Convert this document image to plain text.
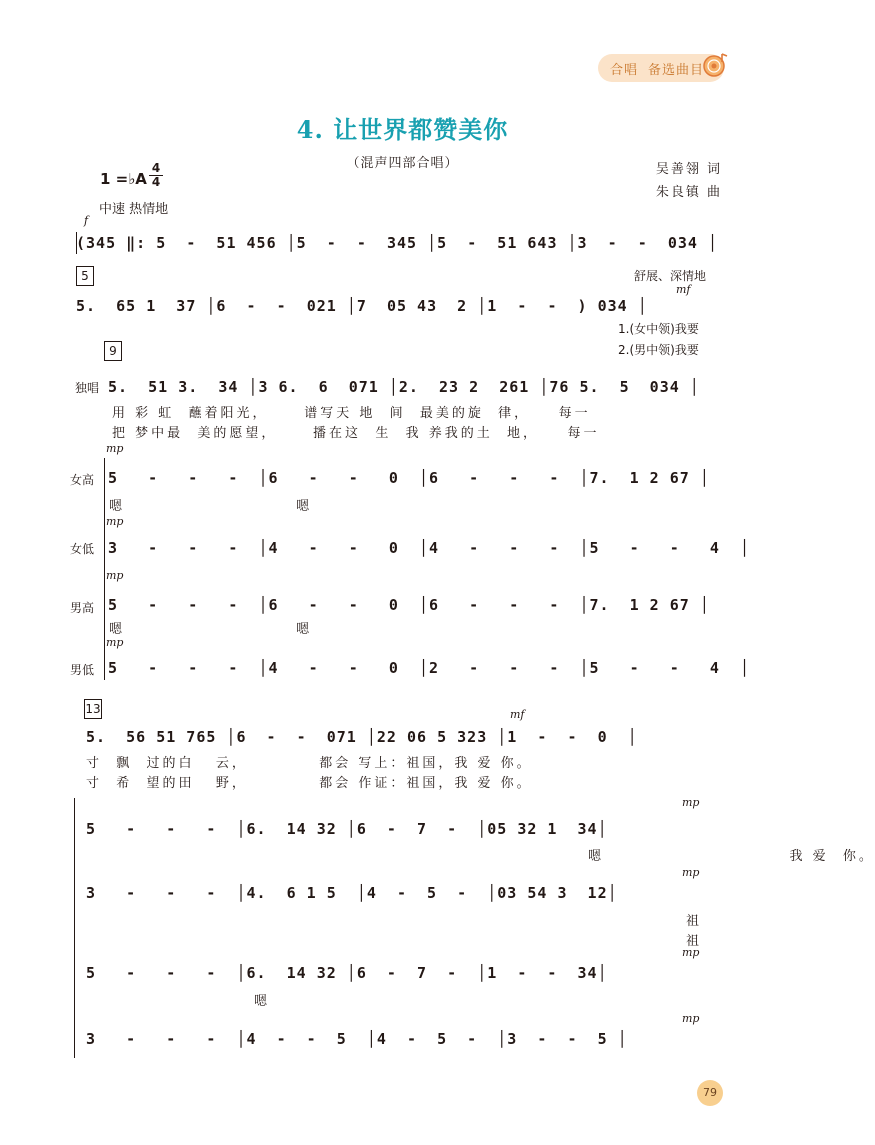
合唱 备选曲目
4. 让世界都赞美你
（混声四部合唱）	吴善翎 词
朱良镇 曲
1 =♭A
4
4
中速 热情地
f
(345 ‖: 5  -  51 456 │5  -  -  345 │5  -  51 643 │3  -  -  034 │
5	舒展、深情地
mf
5.  65 1  37 │6  -  -  021 │7  05 43  2 │1  -  -  ) 034 │
1.(女中领)我要
2.(男中领)我要
9
独唱 5.  51 3.  34 │3 6.  6  071 │2.  23 2  261 │76 5.  5  034 │
用 彩 虹  蘸着阳光，     谱写天 地  间  最美的旋  律，    每一
把 梦中最  美的愿望，     播在这  生  我 养我的土  地，    每一
mp
女高 5   -   -   -  │6   -   -   0  │6   -   -   -  │7.  1 2 67 │
嗯                        嗯
mp
女低 3   -   -   -  │4   -   -   0  │4   -   -   -  │5   -   -   4  │
mp
男高 5   -   -   -  │6   -   -   0  │6   -   -   -  │7.  1 2 67 │
嗯                        嗯
mp
男低 5   -   -   -  │4   -   -   0  │2   -   -   -  │5   -   -   4  │
13	mf
5.  56 51 765 │6  -  -  071 │22 06 5 323 │1  -  -  0  │
寸  飘  过的白   云，          都会 写上：祖国，我 爱 你。
寸  希  望的田   野，          都会 作证：祖国，我 爱 你。
mp
5   -   -   -  │6.  14 32 │6  -  7  -  │05 32 1  34│
嗯                          我 爱  你。
mp
3   -   -   -  │4.  6 1 5  │4  -  5  -  │03 54 3  12│
祖
祖
mp
5   -   -   -  │6.  14 32 │6  -  7  -  │1  -  -  34│
嗯
mp
3   -   -   -  │4  -  -  5  │4  -  5  -  │3  -  -  5 │
79
